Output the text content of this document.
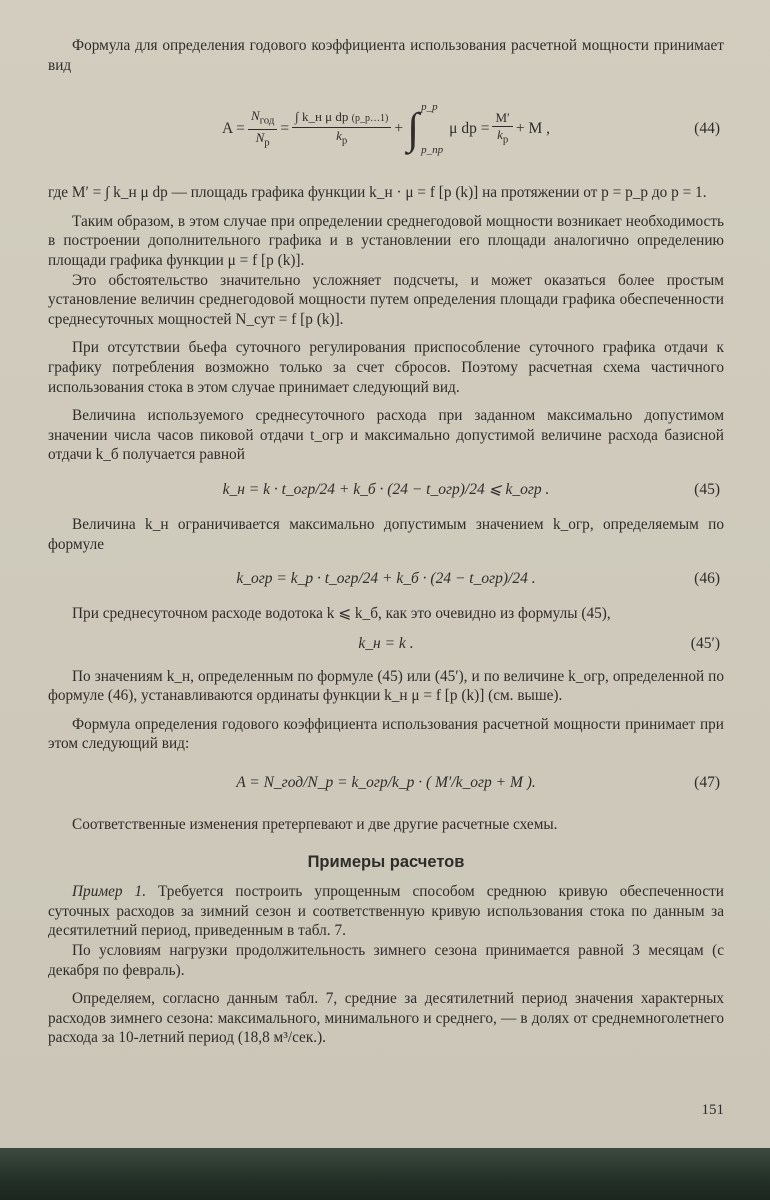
Формула для определения годового коэффициента использования расчетной мощности принимает вид

$A = \frac{N_{год}}{N_р} = \frac{\text{∫ k\_н μ dp (p\_р…1)}}{k_р}$ + ∫ p_р
p_пр
μ dp = $\frac{M'}{k_р} + M$ ,	(44)

где M′ = ∫ k_н μ dp — площадь графика функции k_н · μ = f [p (k)] на протяжении от p = p_р до p = 1.

Таким образом, в этом случае при определении среднегодовой мощности возникает необходимость в построении дополнительного графика и в установлении его площади аналогично определению площади графика функции μ = f [p (k)].

Это обстоятельство значительно усложняет подсчеты, и может оказаться более простым установление величин среднегодовой мощности путем определения площади графика обеспеченности среднесуточных мощностей N_сут = f [p (k)].

При отсутствии бьефа суточного регулирования приспособление суточного графика отдачи к графику потребления возможно только за счет сбросов. Поэтому расчетная схема частичного использования стока в этом случае принимает следующий вид.

Величина используемого среднесуточного расхода при заданном максимально допустимом значении числа часов пиковой отдачи t_огр и максимально допустимой величине расхода базисной отдачи k_б получается равной

k_н = k · t_огр/24 + k_б · (24 − t_огр)/24 ⩽ k_огр .	(45)

Величина k_н ограничивается максимально допустимым значением k_огр, определяемым по формуле

k_огр = k_р · t_огр/24 + k_б · (24 − t_огр)/24 .	(46)

При среднесуточном расходе водотока k ⩽ k_б, как это очевидно из формулы (45),

k_н = k .	(45′)

По значениям k_н, определенным по формуле (45) или (45′), и по величине k_огр, определенной по формуле (46), устанавливаются ординаты функции k_н μ = f [p (k)] (см. выше).

Формула определения годового коэффициента использования расчетной мощности принимает при этом следующий вид:

A = N_год/N_р = k_огр/k_р · ( M′/k_огр + M ).	(47)

Соответственные изменения претерпевают и две другие расчетные схемы.

Примеры расчетов

Пример 1. Требуется построить упрощенным способом среднюю кривую обеспеченности суточных расходов за зимний сезон и соответственную кривую использования стока по данным за десятилетний период, приведенным в табл. 7.

По условиям нагрузки продолжительность зимнего сезона принимается равной 3 месяцам (с декабря по февраль).

Определяем, согласно данным табл. 7, средние за десятилетний период значения характерных расходов зимнего сезона: максимального, минимального и среднего, — в долях от среднемноголетнего расхода за 10-летний период (18,8 м³/сек.).

151
